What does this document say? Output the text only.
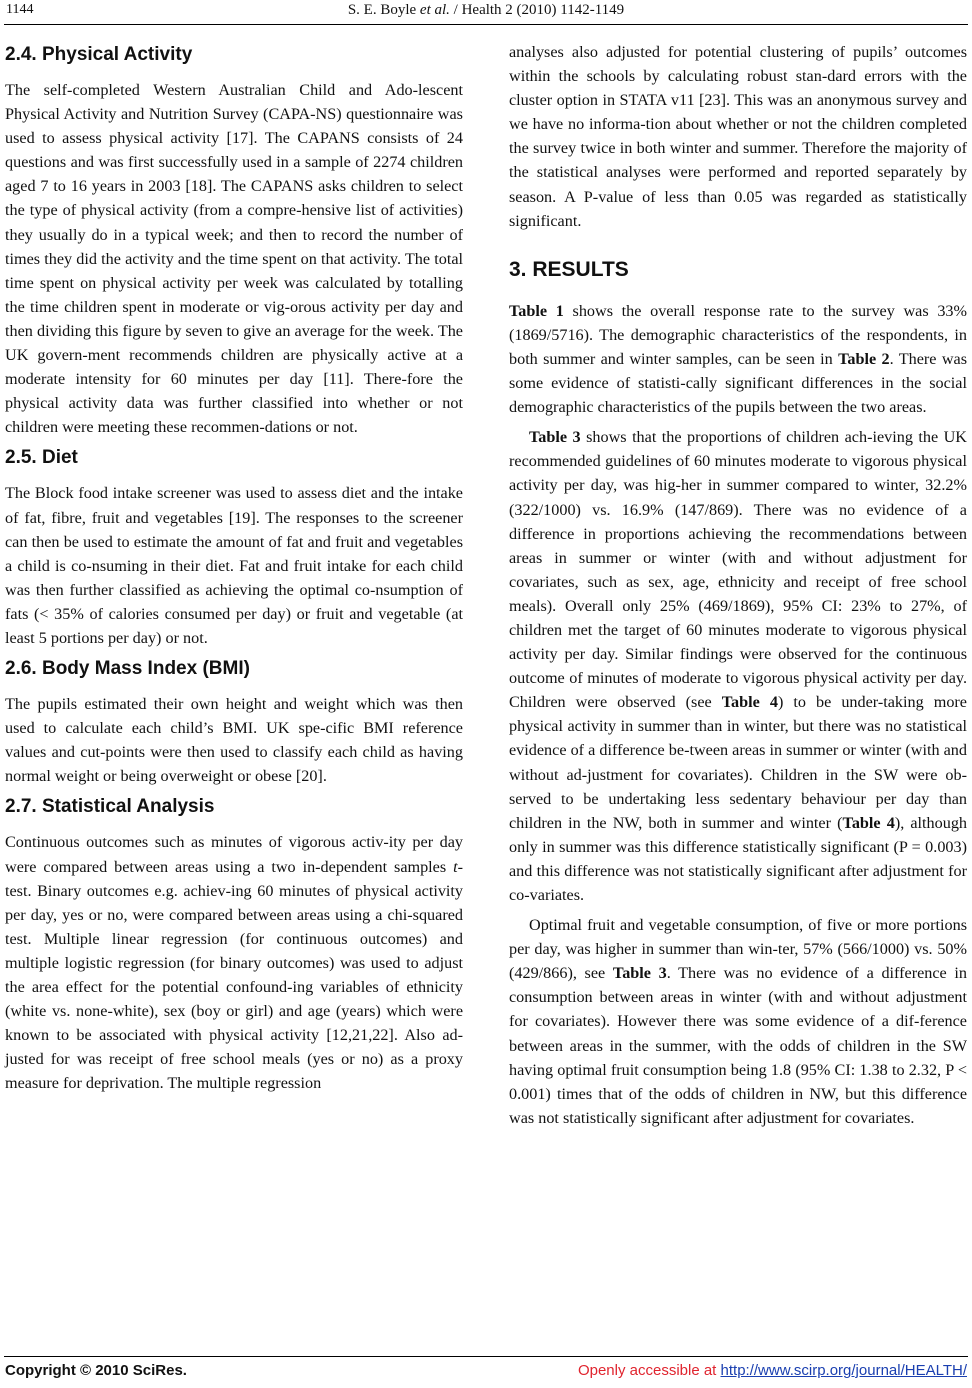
1144	S. E. Boyle et al. / Health 2 (2010) 1142-1149
2.4. Physical Activity

The self-completed Western Australian Child and Ado-lescent Physical Activity and Nutrition Survey (CAPA-NS) questionnaire was used to assess physical activity [17]. The CAPANS consists of 24 questions and was first successfully used in a sample of 2274 children aged 7 to 16 years in 2003 [18]. The CAPANS asks children to select the type of physical activity (from a compre-hensive list of activities) they usually do in a typical week; and then to record the number of times they did the activity and the time spent on that activity. The total time spent on physical activity per week was calculated by totalling the time children spent in moderate or vig-orous activity per day and then dividing this figure by seven to give an average for the week. The UK govern-ment recommends children are physically active at a moderate intensity for 60 minutes per day [11]. There-fore the physical activity data was further classified into whether or not children were meeting these recommen-dations or not.

2.5. Diet

The Block food intake screener was used to assess diet and the intake of fat, fibre, fruit and vegetables [19]. The responses to the screener can then be used to estimate the amount of fat and fruit and vegetables a child is co-nsuming in their diet. Fat and fruit intake for each child was then further classified as achieving the optimal co-nsumption of fats (< 35% of calories consumed per day) or fruit and vegetable (at least 5 portions per day) or not.

2.6. Body Mass Index (BMI)

The pupils estimated their own height and weight which was then used to calculate each child’s BMI. UK spe-cific BMI reference values and cut-points were then used to classify each child as having normal weight or being overweight or obese [20].

2.7. Statistical Analysis

Continuous outcomes such as minutes of vigorous activ-ity per day were compared between areas using a two in-dependent samples t-test. Binary outcomes e.g. achiev-ing 60 minutes of physical activity per day, yes or no, were compared between areas using a chi-squared test. Multiple linear regression (for continuous outcomes) and multiple logistic regression (for binary outcomes) was used to adjust the area effect for the potential confound-ing variables of ethnicity (white vs. none-white), sex (boy or girl) and age (years) which were known to be associated with physical activity [12,21,22]. Also ad-justed for was receipt of free school meals (yes or no) as a proxy measure for deprivation. The multiple regression

analyses also adjusted for potential clustering of pupils’ outcomes within the schools by calculating robust stan-dard errors with the cluster option in STATA v11 [23]. This was an anonymous survey and we have no informa-tion about whether or not the children completed the survey twice in both winter and summer. Therefore the majority of the statistical analyses were performed and reported separately by season. A P-value of less than 0.05 was regarded as statistically significant.

3. RESULTS

Table 1 shows the overall response rate to the survey was 33% (1869/5716). The demographic characteristics of the respondents, in both summer and winter samples, can be seen in Table 2. There was some evidence of statisti-cally significant differences in the social demographic characteristics of the pupils between the two areas.

Table 3 shows that the proportions of children ach-ieving the UK recommended guidelines of 60 minutes moderate to vigorous physical activity per day, was hig-her in summer compared to winter, 32.2% (322/1000) vs. 16.9% (147/869). There was no evidence of a difference in proportions achieving the recommendations between areas in summer or winter (with and without adjustment for covariates, such as sex, age, ethnicity and receipt of free school meals). Overall only 25% (469/1869), 95% CI: 23% to 27%, of children met the target of 60 minutes moderate to vigorous physical activity per day. Similar findings were observed for the continuous outcome of minutes of moderate to vigorous physical activity per day. Children were observed (see Table 4) to be under-taking more physical activity in summer than in winter, but there was no statistical evidence of a difference be-tween areas in summer or winter (with and without ad-justment for covariates). Children in the SW were ob-served to be undertaking less sedentary behaviour per day than children in the NW, both in summer and winter (Table 4), although only in summer was this difference statistically significant (P = 0.003) and this difference was not statistically significant after adjustment for co-variates.

Optimal fruit and vegetable consumption, of five or more portions per day, was higher in summer than win-ter, 57% (566/1000) vs. 50% (429/866), see Table 3. There was no evidence of a difference in consumption between areas in winter (with and without adjustment for covariates). However there was some evidence of a dif-ference between areas in the summer, with the odds of children in the SW having optimal fruit consumption being 1.8 (95% CI: 1.38 to 2.32, P < 0.001) times that of the odds of children in NW, but this difference was not statistically significant after adjustment for covariates.

Copyright © 2010 SciRes.	Openly accessible at http://www.scirp.org/journal/HEALTH/
